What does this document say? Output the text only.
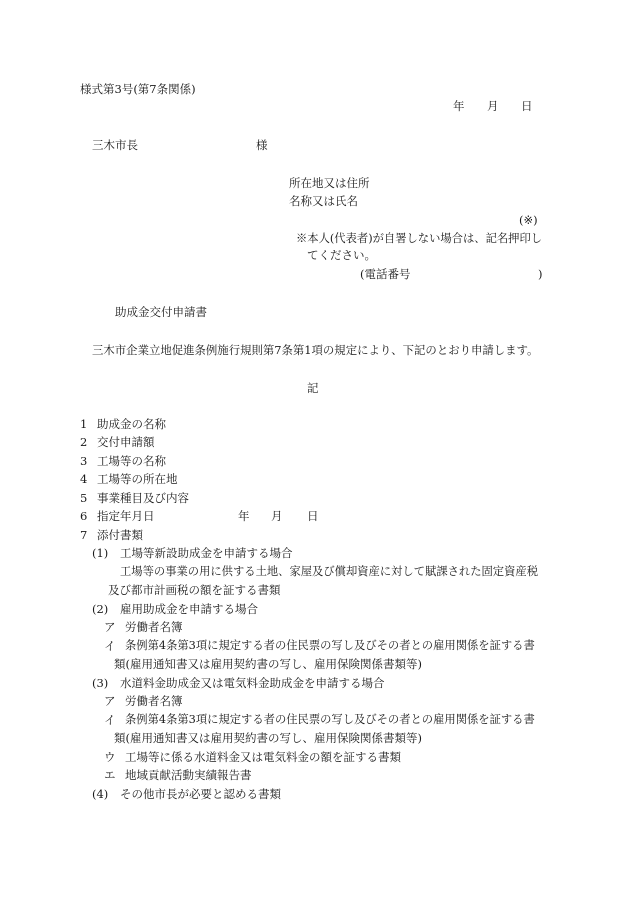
様式第3号(第7条関係)
年 月 日
三木市長	様
所在地又は住所
名称又は氏名
(※)
※本人(代表者)が自署しない場合は、記名押印し
てください。
(電話番号	)
助成金交付申請書
三木市企業立地促進条例施行規則第7条第1項の規定により、下記のとおり申請します。
記
1 助成金の名称
2 交付申請額
3 工場等の名称
4 工場等の所在地
5 事業種目及び内容
6 指定年月日	年 月 日
7 添付書類
(1) 工場等新設助成金を申請する場合
工場等の事業の用に供する土地、家屋及び償却資産に対して賦課された固定資産税
及び都市計画税の額を証する書類
(2) 雇用助成金を申請する場合
ア 労働者名簿
イ 条例第4条第3項に規定する者の住民票の写し及びその者との雇用関係を証する書
類(雇用通知書又は雇用契約書の写し、雇用保険関係書類等)
(3) 水道料金助成金又は電気料金助成金を申請する場合
ア 労働者名簿
イ 条例第4条第3項に規定する者の住民票の写し及びその者との雇用関係を証する書
類(雇用通知書又は雇用契約書の写し、雇用保険関係書類等)
ウ 工場等に係る水道料金又は電気料金の額を証する書類
エ 地域貢献活動実績報告書
(4) その他市長が必要と認める書類
